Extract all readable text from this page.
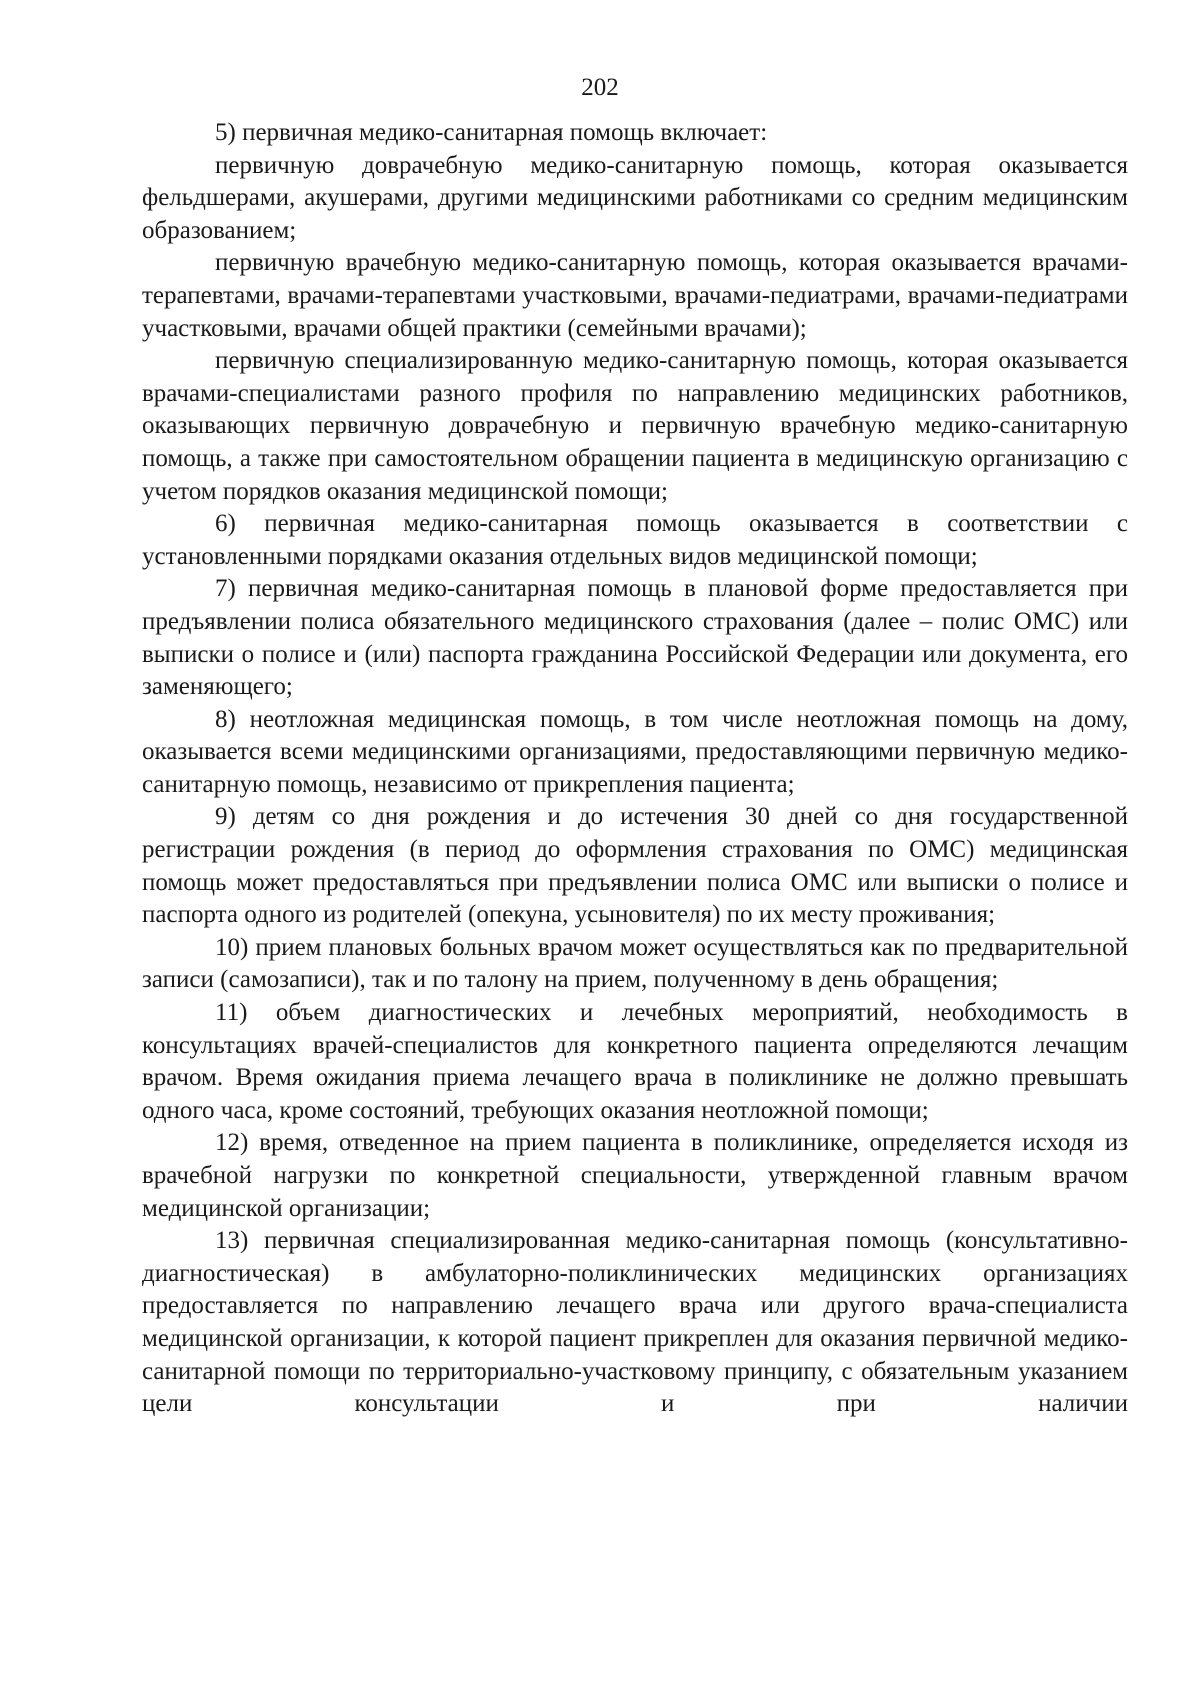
202

5) первичная медико-санитарная помощь включает:

первичную доврачебную медико-санитарную помощь, которая оказывается фельдшерами, акушерами, другими медицинскими работниками со средним медицинским образованием;

первичную врачебную медико-санитарную помощь, которая оказывается врачами-терапевтами, врачами-терапевтами участковыми, врачами-педиатрами, врачами-педиатрами участковыми, врачами общей практики (семейными врачами);

первичную специализированную медико-санитарную помощь, которая оказывается врачами-специалистами разного профиля по направлению медицинских работников, оказывающих первичную доврачебную и первичную врачебную медико-санитарную помощь, а также при самостоятельном обращении пациента в медицинскую организацию с учетом порядков оказания медицинской помощи;

6) первичная медико-санитарная помощь оказывается в соответствии с установленными порядками оказания отдельных видов медицинской помощи;

7) первичная медико-санитарная помощь в плановой форме предоставляется при предъявлении полиса обязательного медицинского страхования (далее – полис ОМС) или выписки о полисе и (или) паспорта гражданина Российской Федерации или документа, его заменяющего;

8) неотложная медицинская помощь, в том числе неотложная помощь на дому, оказывается всеми медицинскими организациями, предоставляющими первичную медико-санитарную помощь, независимо от прикрепления пациента;

9) детям со дня рождения и до истечения 30 дней со дня государственной регистрации рождения (в период до оформления страхования по ОМС) медицинская помощь может предоставляться при предъявлении полиса ОМС или выписки о полисе и паспорта одного из родителей (опекуна, усыновителя) по их месту проживания;

10) прием плановых больных врачом может осуществляться как по предварительной записи (самозаписи), так и по талону на прием, полученному в день обращения;

11) объем диагностических и лечебных мероприятий, необходимость в консультациях врачей-специалистов для конкретного пациента определяются лечащим врачом. Время ожидания приема лечащего врача в поликлинике не должно превышать одного часа, кроме состояний, требующих оказания неотложной помощи;

12) время, отведенное на прием пациента в поликлинике, определяется исходя из врачебной нагрузки по конкретной специальности, утвержденной главным врачом медицинской организации;

13) первичная специализированная медико-санитарная помощь (консультативно-диагностическая) в амбулаторно-поликлинических медицинских организациях предоставляется по направлению лечащего врача или другого врача-специалиста медицинской организации, к которой пациент прикреплен для оказания первичной медико-санитарной помощи по территориально-участковому принципу, с обязательным указанием цели консультации и при наличии
